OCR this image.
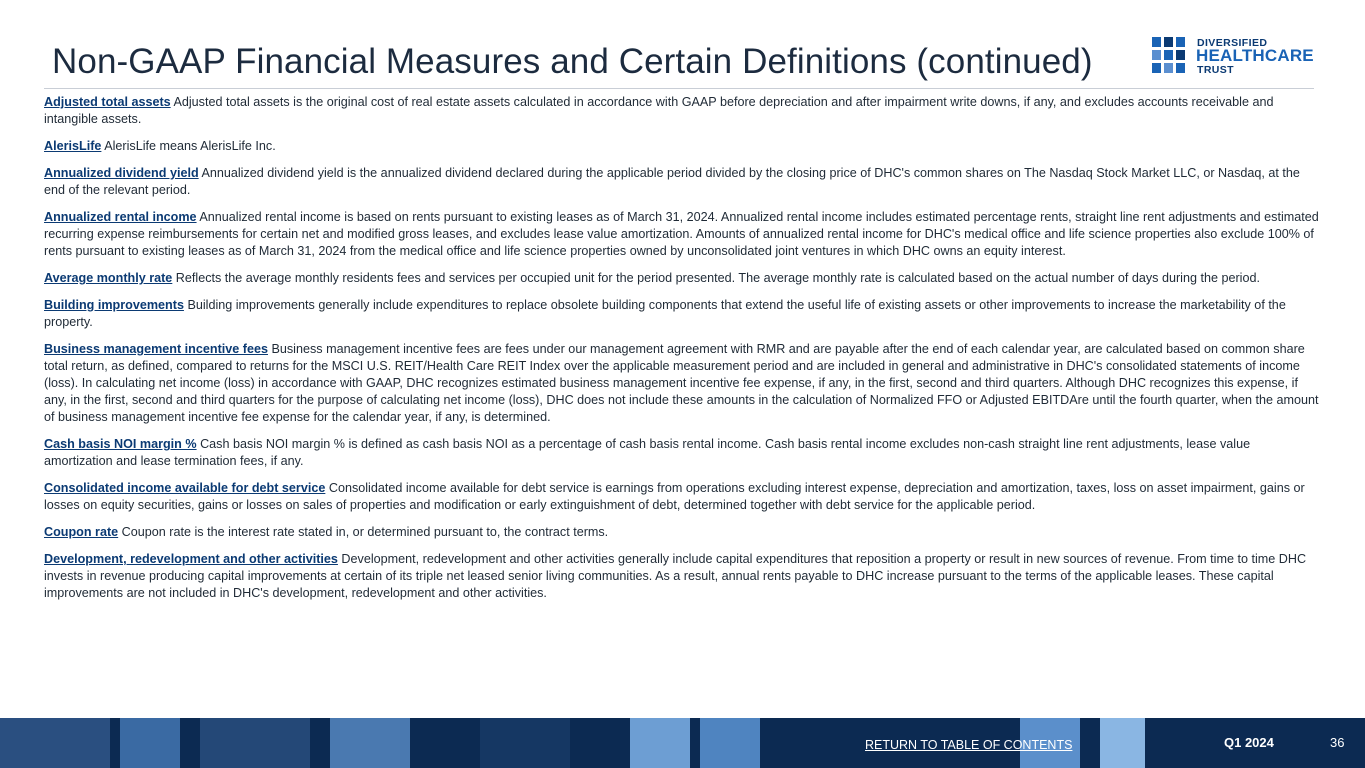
Non-GAAP Financial Measures and Certain Definitions (continued)	DIVERSIFIED
HEALTHCARE
TRUST

Adjusted total assets Adjusted total assets is the original cost of real estate assets calculated in accordance with GAAP before depreciation and after impairment write downs, if any, and excludes accounts receivable and intangible assets.

AlerisLife AlerisLife means AlerisLife Inc.

Annualized dividend yield Annualized dividend yield is the annualized dividend declared during the applicable period divided by the closing price of DHC's common shares on The Nasdaq Stock Market LLC, or Nasdaq, at the end of the relevant period.

Annualized rental income Annualized rental income is based on rents pursuant to existing leases as of March 31, 2024. Annualized rental income includes estimated percentage rents, straight line rent adjustments and estimated recurring expense reimbursements for certain net and modified gross leases, and excludes lease value amortization. Amounts of annualized rental income for DHC's medical office and life science properties also exclude 100% of rents pursuant to existing leases as of March 31, 2024 from the medical office and life science properties owned by unconsolidated joint ventures in which DHC owns an equity interest.

Average monthly rate Reflects the average monthly residents fees and services per occupied unit for the period presented. The average monthly rate is calculated based on the actual number of days during the period.

Building improvements Building improvements generally include expenditures to replace obsolete building components that extend the useful life of existing assets or other improvements to increase the marketability of the property.

Business management incentive fees Business management incentive fees are fees under our management agreement with RMR and are payable after the end of each calendar year, are calculated based on common share total return, as defined, compared to returns for the MSCI U.S. REIT/Health Care REIT Index over the applicable measurement period and are included in general and administrative in DHC's consolidated statements of income (loss). In calculating net income (loss) in accordance with GAAP, DHC recognizes estimated business management incentive fee expense, if any, in the first, second and third quarters. Although DHC recognizes this expense, if any, in the first, second and third quarters for the purpose of calculating net income (loss), DHC does not include these amounts in the calculation of Normalized FFO or Adjusted EBITDAre until the fourth quarter, when the amount of business management incentive fee expense for the calendar year, if any, is determined.

Cash basis NOI margin % Cash basis NOI margin % is defined as cash basis NOI as a percentage of cash basis rental income. Cash basis rental income excludes non-cash straight line rent adjustments, lease value amortization and lease termination fees, if any.

Consolidated income available for debt service Consolidated income available for debt service is earnings from operations excluding interest expense, depreciation and amortization, taxes, loss on asset impairment, gains or losses on equity securities, gains or losses on sales of properties and modification or early extinguishment of debt, determined together with debt service for the applicable period.

Coupon rate Coupon rate is the interest rate stated in, or determined pursuant to, the contract terms.

Development, redevelopment and other activities Development, redevelopment and other activities generally include capital expenditures that reposition a property or result in new sources of revenue. From time to time DHC invests in revenue producing capital improvements at certain of its triple net leased senior living communities. As a result, annual rents payable to DHC increase pursuant to the terms of the applicable leases. These capital improvements are not included in DHC's development, redevelopment and other activities.

RETURN TO TABLE OF CONTENTS	Q1 2024	36
